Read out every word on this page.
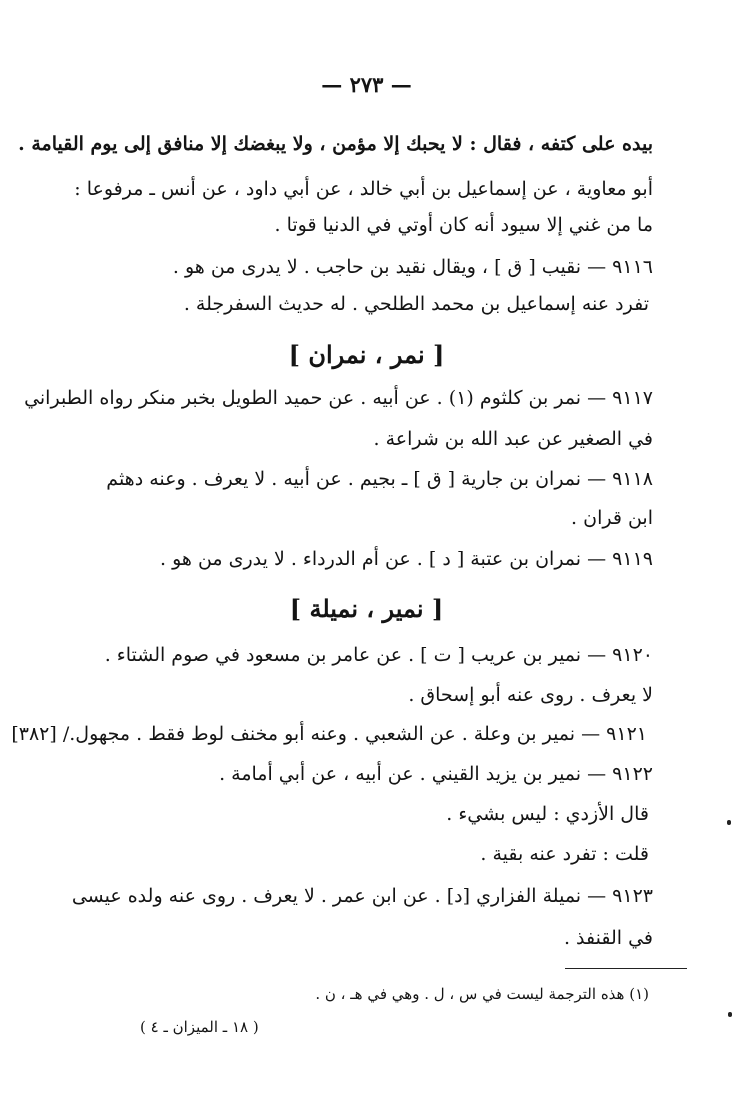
— ٢٧٣ —
بيده على كتفه ، فقال : لا يحبك إلا مؤمن ، ولا يبغضك إلا منافق إلى يوم القيامة .
أبو معاوية ، عن إسماعيل بن أبي خالد ، عن أبي داود ، عن أنس ـ مرفوعا :
ما من غني إلا سيود أنه كان أوتي في الدنيا قوتا .
٩١١٦ — نقيب [ ق ] ، ويقال نقيد بن حاجب . لا يدرى من هو .
تفرد عنه إسماعيل بن محمد الطلحي . له حديث السفرجلة .
[ نمر ، نمران ]
٩١١٧ — نمر بن كلثوم (١) . عن أبيه . عن حميد الطويل بخبر منكر رواه الطبراني
في الصغير عن عبد الله بن شراعة .
٩١١٨ — نمران بن جارية [ ق ] ـ بجيم . عن أبيه . لا يعرف . وعنه دهثم
ابن قران .
٩١١٩ — نمران بن عتبة [ د ] . عن أم الدرداء . لا يدرى من هو .
[ نمير ، نميلة ]
٩١٢٠ — نمير بن عريب [ ت ] . عن عامر بن مسعود في صوم الشتاء .
لا يعرف . روى عنه أبو إسحاق .
٩١٢١ — نمير بن وعلة . عن الشعبي . وعنه أبو مخنف لوط فقط . مجهول./ [٣٨٢]
٩١٢٢ — نمير بن يزيد القيني . عن أبيه ، عن أبي أمامة .
قال الأزدي : ليس بشيء .
قلت : تفرد عنه بقية .
٩١٢٣ — نميلة الفزاري [د] . عن ابن عمر . لا يعرف . روى عنه ولده عيسى
في القنفذ .
(١) هذه الترجمة ليست في س ، ل . وهي في هـ ، ن .
( ١٨ ـ الميزان ـ ٤ )
